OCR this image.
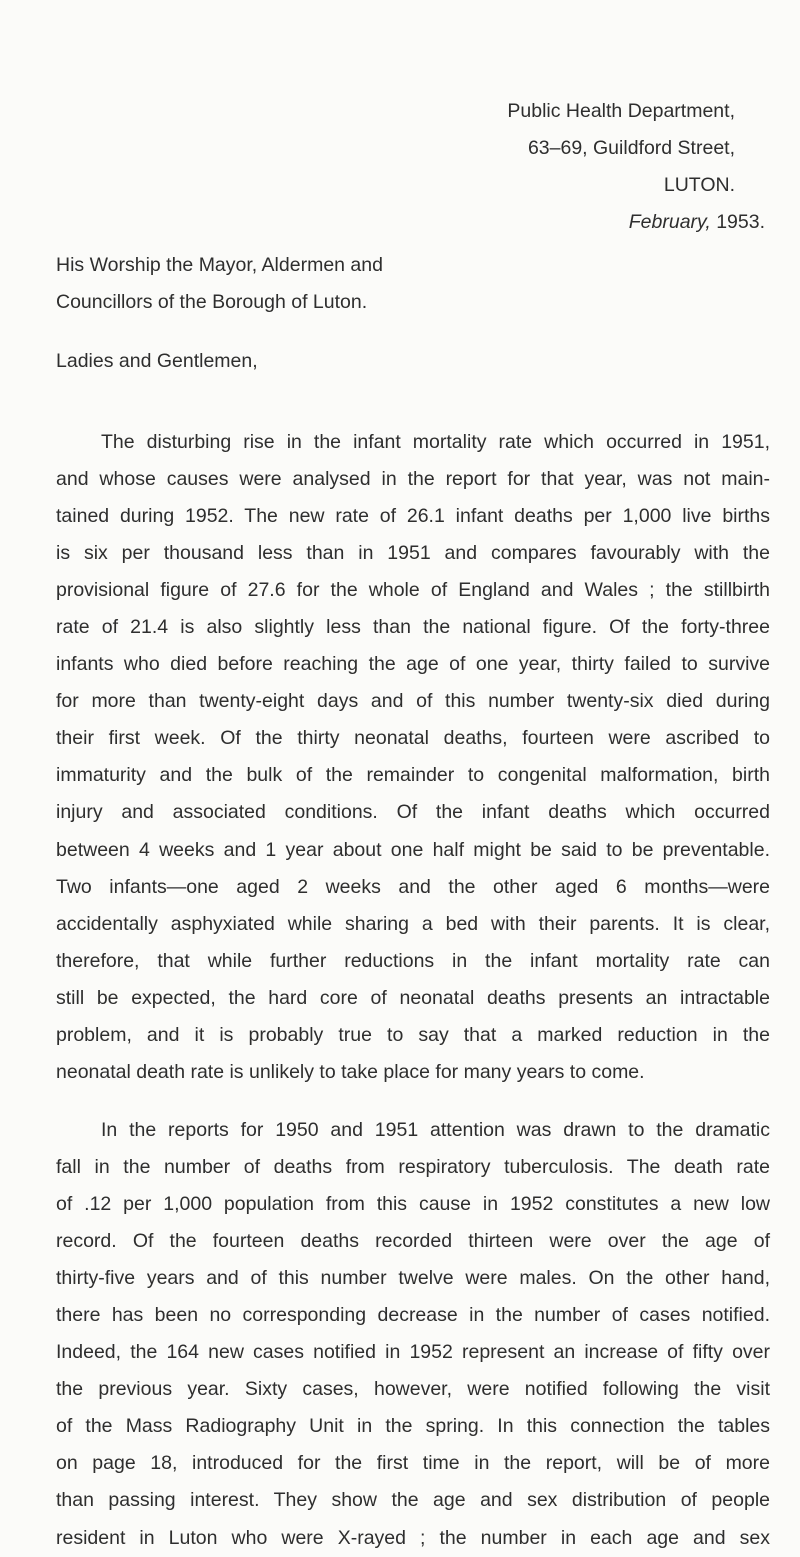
Public Health Department,
63–69, Guildford Street,
LUTON.
February, 1953.
His Worship the Mayor, Aldermen and
Councillors of the Borough of Luton.
Ladies and Gentlemen,
The disturbing rise in the infant mortality rate which occurred in 1951,
and whose causes were analysed in the report for that year, was not main-
tained during 1952. The new rate of 26.1 infant deaths per 1,000 live births
is six per thousand less than in 1951 and compares favourably with the
provisional figure of 27.6 for the whole of England and Wales ; the stillbirth
rate of 21.4 is also slightly less than the national figure. Of the forty-three
infants who died before reaching the age of one year, thirty failed to survive
for more than twenty-eight days and of this number twenty-six died during
their first week. Of the thirty neonatal deaths, fourteen were ascribed to
immaturity and the bulk of the remainder to congenital malformation, birth
injury and associated conditions. Of the infant deaths which occurred
between 4 weeks and 1 year about one half might be said to be preventable.
Two infants—one aged 2 weeks and the other aged 6 months—were
accidentally asphyxiated while sharing a bed with their parents. It is clear,
therefore, that while further reductions in the infant mortality rate can
still be expected, the hard core of neonatal deaths presents an intractable
problem, and it is probably true to say that a marked reduction in the
neonatal death rate is unlikely to take place for many years to come.
In the reports for 1950 and 1951 attention was drawn to the dramatic
fall in the number of deaths from respiratory tuberculosis. The death rate
of .12 per 1,000 population from this cause in 1952 constitutes a new low
record. Of the fourteen deaths recorded thirteen were over the age of
thirty-five years and of this number twelve were males. On the other hand,
there has been no corresponding decrease in the number of cases notified.
Indeed, the 164 new cases notified in 1952 represent an increase of fifty over
the previous year. Sixty cases, however, were notified following the visit
of the Mass Radiography Unit in the spring. In this connection the tables
on page 18, introduced for the first time in the report, will be of more
than passing interest. They show the age and sex distribution of people
resident in Luton who were X-rayed ; the number in each age and sex
